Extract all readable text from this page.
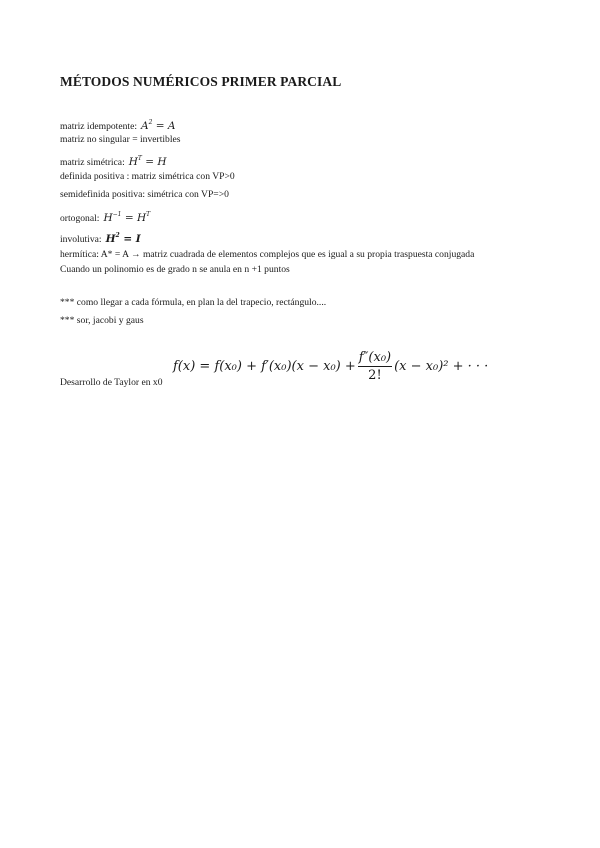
MÉTODOS NUMÉRICOS PRIMER PARCIAL
matriz idempotente: $A^2 = A$
matriz no singular = invertibles
matriz simétrica: $H^T = H$
definida positiva : matriz simétrica con VP>0
semidefinida positiva: simétrica con VP=>0
ortogonal: $H^{-1} = H^T$
involutiva: $H^2 = I$
hermítica: A* = A → matriz cuadrada de elementos complejos que es igual a su propia traspuesta conjugada
Cuando un polinomio es de grado n se anula en n +1 puntos
*** como llegar a cada fórmula, en plan la del trapecio, rectángulo....
*** sor, jacobi y gaus
$f(x) = f(x_0) + f'(x_0)(x - x_0) + \frac{\text{f″(x₀)}}{2!} (x - x_0)^2$ + · · ·
Desarrollo de Taylor en x0
